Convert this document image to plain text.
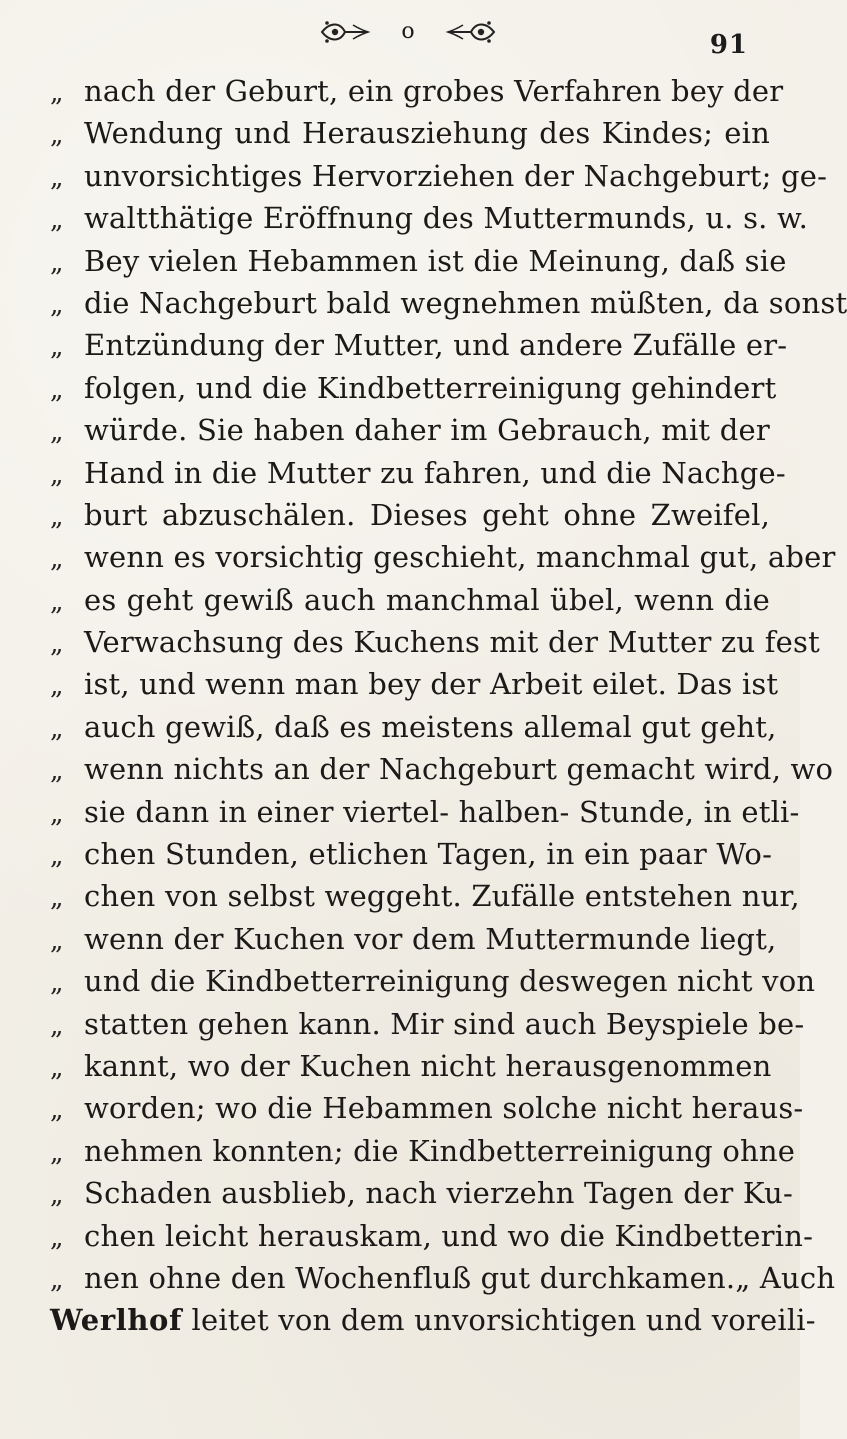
o	91
„ nach der Geburt, ein grobes Verfahren bey der
„ Wendung und Herausziehung des Kindes; ein
„ unvorsichtiges Hervorziehen der Nachgeburt; ge-
„ waltthätige Eröffnung des Muttermunds, u. s. w.
„ Bey vielen Hebammen ist die Meinung, daß sie
„ die Nachgeburt bald wegnehmen müßten, da sonst
„ Entzündung der Mutter, und andere Zufälle er-
„ folgen, und die Kindbetterreinigung gehindert
„ würde. Sie haben daher im Gebrauch, mit der
„ Hand in die Mutter zu fahren, und die Nachge-
„ burt abzuschälen. Dieses geht ohne Zweifel,
„ wenn es vorsichtig geschieht, manchmal gut, aber
„ es geht gewiß auch manchmal übel, wenn die
„ Verwachsung des Kuchens mit der Mutter zu fest
„ ist, und wenn man bey der Arbeit eilet. Das ist
„ auch gewiß, daß es meistens allemal gut geht,
„ wenn nichts an der Nachgeburt gemacht wird, wo
„ sie dann in einer viertel- halben- Stunde, in etli-
„ chen Stunden, etlichen Tagen, in ein paar Wo-
„ chen von selbst weggeht. Zufälle entstehen nur,
„ wenn der Kuchen vor dem Muttermunde liegt,
„ und die Kindbetterreinigung deswegen nicht von
„ statten gehen kann. Mir sind auch Beyspiele be-
„ kannt, wo der Kuchen nicht herausgenommen
„ worden; wo die Hebammen solche nicht heraus-
„ nehmen konnten; die Kindbetterreinigung ohne
„ Schaden ausblieb, nach vierzehn Tagen der Ku-
„ chen leicht herauskam, und wo die Kindbetterin-
„ nen ohne den Wochenfluß gut durchkamen.„ Auch
Werlhof leitet von dem unvorsichtigen und voreili-
